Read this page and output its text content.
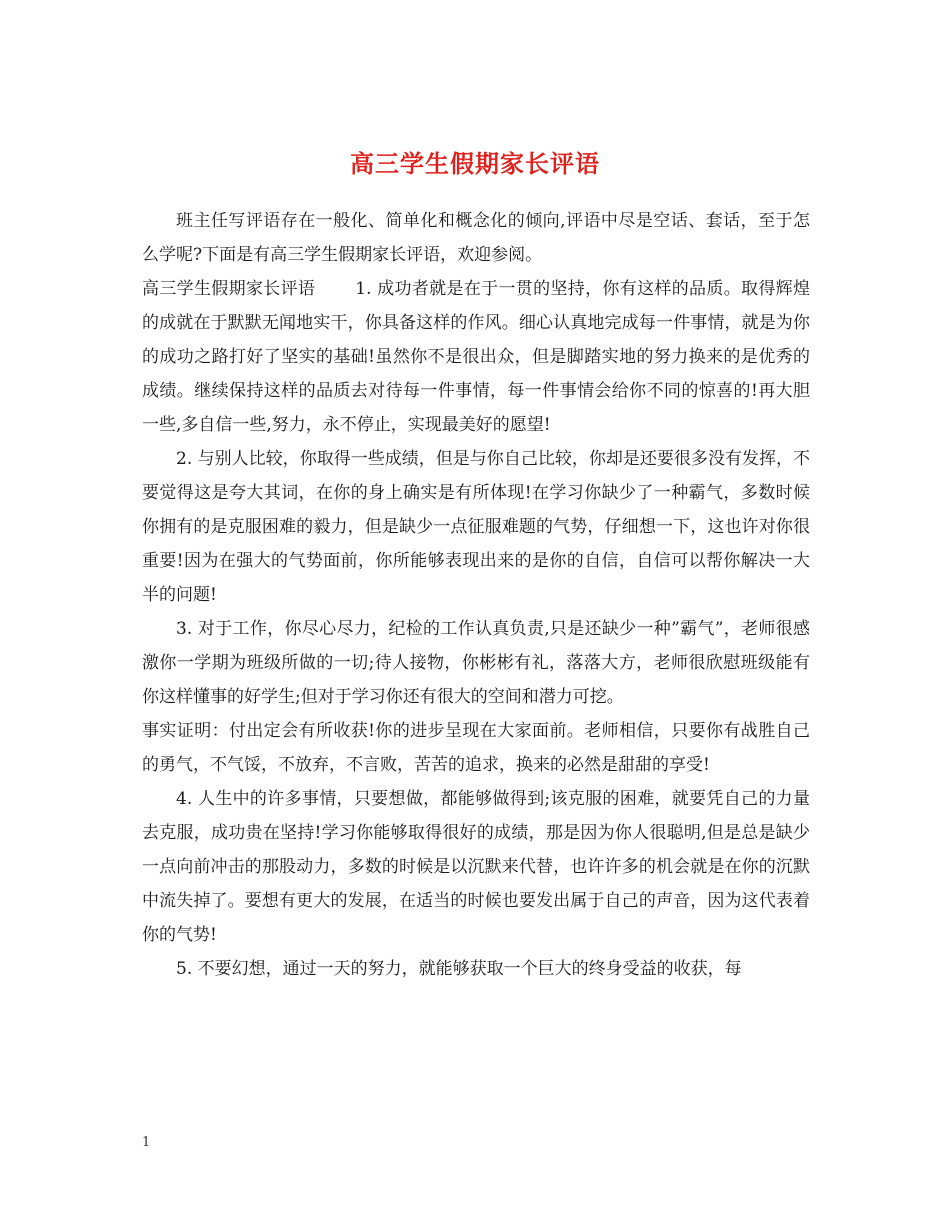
高三学生假期家长评语

班主任写评语存在一般化、简单化和概念化的倾向,评语中尽是空话、套话，至于怎么学呢?下面是有高三学生假期家长评语，欢迎参阅。

高三学生假期家长评语 1. 成功者就是在于一贯的坚持，你有这样的品质。取得辉煌的成就在于默默无闻地实干，你具备这样的作风。细心认真地完成每一件事情，就是为你的成功之路打好了坚实的基础!虽然你不是很出众，但是脚踏实地的努力换来的是优秀的成绩。继续保持这样的品质去对待每一件事情，每一件事情会给你不同的惊喜的!再大胆一些,多自信一些,努力，永不停止，实现最美好的愿望!

2. 与别人比较，你取得一些成绩，但是与你自己比较，你却是还要很多没有发挥，不要觉得这是夸大其词，在你的身上确实是有所体现!在学习你缺少了一种霸气，多数时候你拥有的是克服困难的毅力，但是缺少一点征服难题的气势，仔细想一下，这也许对你很重要!因为在强大的气势面前，你所能够表现出来的是你的自信，自信可以帮你解决一大半的问题!

3. 对于工作，你尽心尽力，纪检的工作认真负责,只是还缺少一种”霸气”，老师很感激你一学期为班级所做的一切;待人接物，你彬彬有礼，落落大方，老师很欣慰班级能有你这样懂事的好学生;但对于学习你还有很大的空间和潜力可挖。

事实证明：付出定会有所收获!你的进步呈现在大家面前。老师相信，只要你有战胜自己的勇气，不气馁，不放弃，不言败，苦苦的追求，换来的必然是甜甜的享受!

4. 人生中的许多事情，只要想做，都能够做得到;该克服的困难，就要凭自己的力量去克服，成功贵在坚持!学习你能够取得很好的成绩，那是因为你人很聪明,但是总是缺少一点向前冲击的那股动力，多数的时候是以沉默来代替，也许许多的机会就是在你的沉默中流失掉了。要想有更大的发展，在适当的时候也要发出属于自己的声音，因为这代表着你的气势!

5. 不要幻想，通过一天的努力，就能够获取一个巨大的终身受益的收获，每

1
